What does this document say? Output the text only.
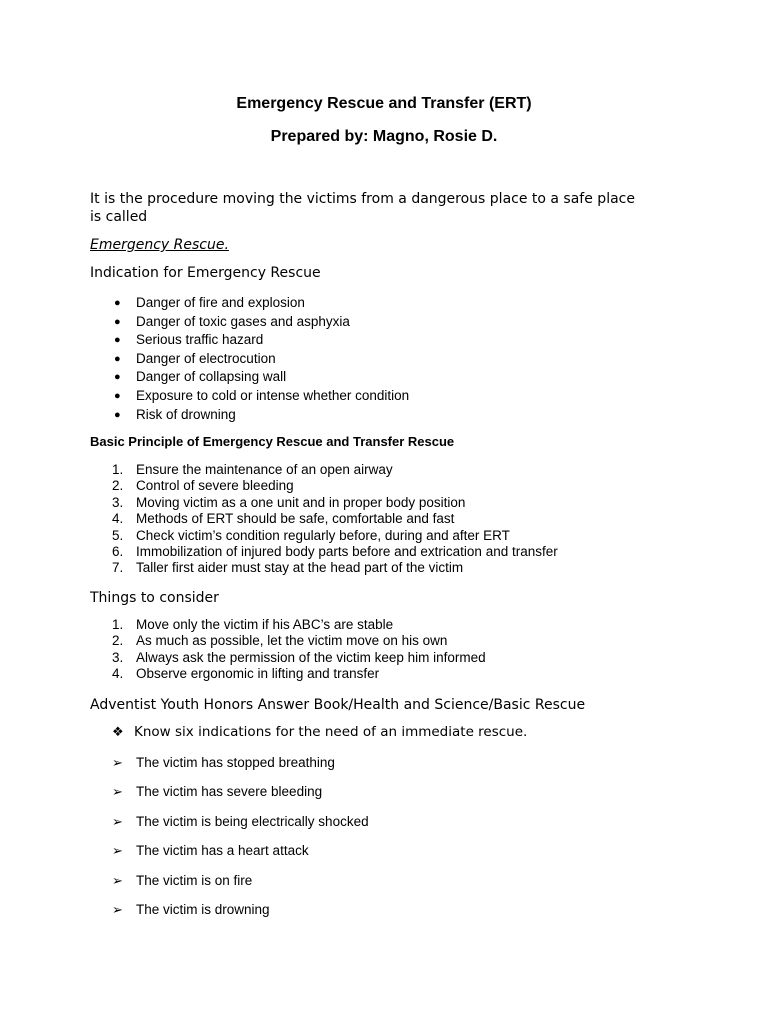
Emergency Rescue and Transfer (ERT)
Prepared by: Magno, Rosie D.
It is the procedure moving the victims from a dangerous place to a safe place is called
Emergency Rescue.
Indication for Emergency Rescue
●	Danger of fire and explosion
●	Danger of toxic gases and asphyxia
●	Serious traffic hazard
●	Danger of electrocution
●	Danger of collapsing wall
●	Exposure to cold or intense whether condition
●	Risk of drowning
Basic Principle of Emergency Rescue and Transfer Rescue
1. Ensure the maintenance of an open airway
2. Control of severe bleeding
3. Moving victim as a one unit and in proper body position
4. Methods of ERT should be safe, comfortable and fast
5. Check victim’s condition regularly before, during and after ERT
6. Immobilization of injured body parts before and extrication and transfer
7. Taller first aider must stay at the head part of the victim
Things to consider
1. Move only the victim if his ABC’s are stable
2. As much as possible, let the victim move on his own
3. Always ask the permission of the victim keep him informed
4. Observe ergonomic in lifting and transfer
Adventist Youth Honors Answer Book/Health and Science/Basic Rescue
❖ Know six indications for the need of an immediate rescue.
➢ The victim has stopped breathing
➢ The victim has severe bleeding
➢ The victim is being electrically shocked
➢ The victim has a heart attack
➢ The victim is on fire
➢ The victim is drowning
